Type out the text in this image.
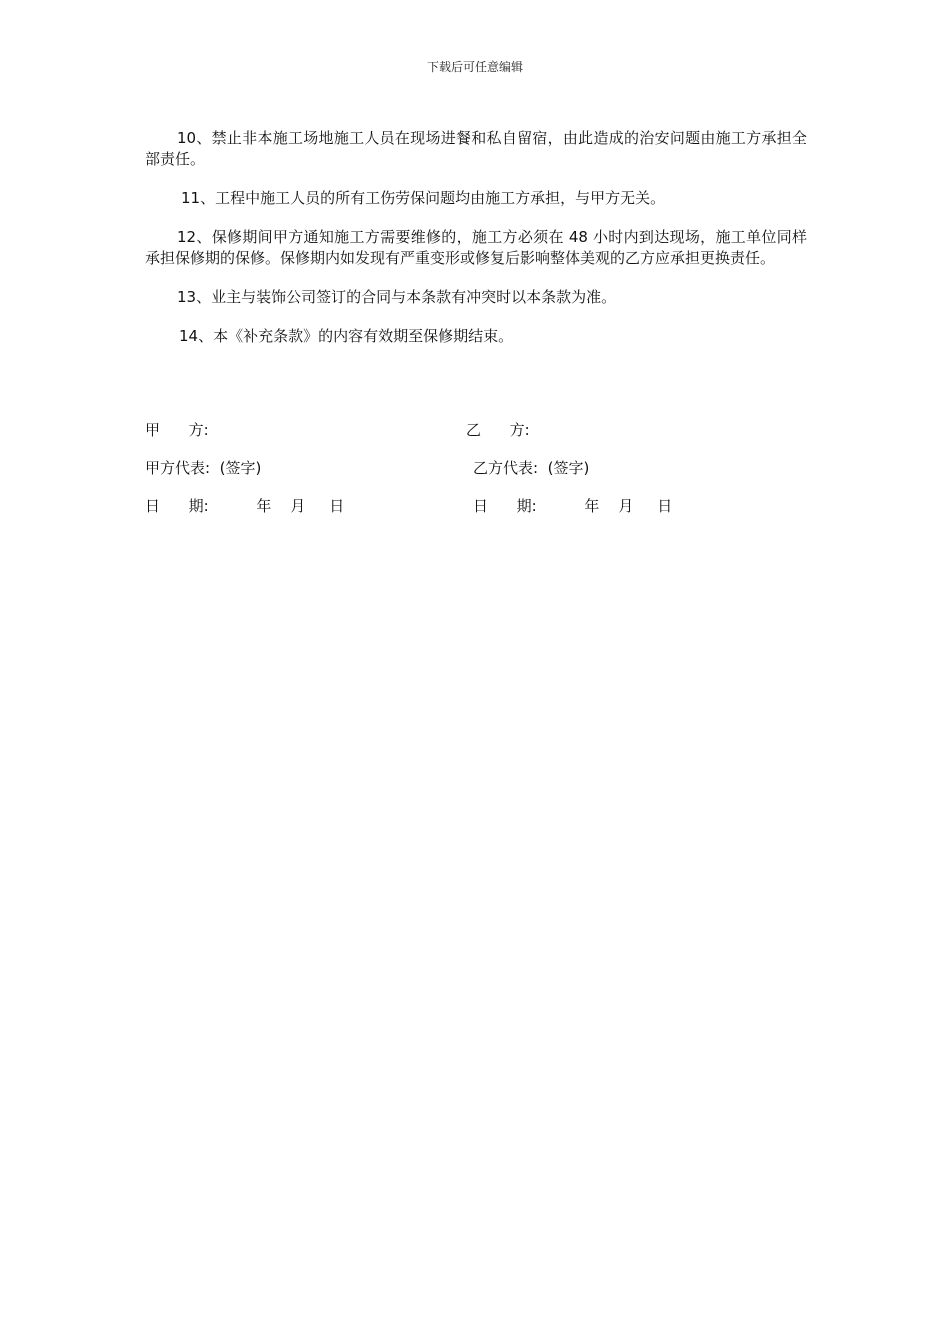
下载后可任意编辑

10、禁止非本施工场地施工人员在现场进餐和私自留宿，由此造成的治安问题由施工方承担全部责任。

11、工程中施工人员的所有工伤劳保问题均由施工方承担，与甲方无关。

12、保修期间甲方通知施工方需要维修的，施工方必须在 48 小时内到达现场，施工单位同样承担保修期的保修。保修期内如发现有严重变形或修复后影响整体美观的乙方应承担更换责任。

13、业主与装饰公司签订的合同与本条款有冲突时以本条款为准。

14、本《补充条款》的内容有效期至保修期结束。

甲      方:	乙      方:
甲方代表:  (签字)	乙方代表:  (签字)
日      期:          年    月     日	日      期:          年    月     日
